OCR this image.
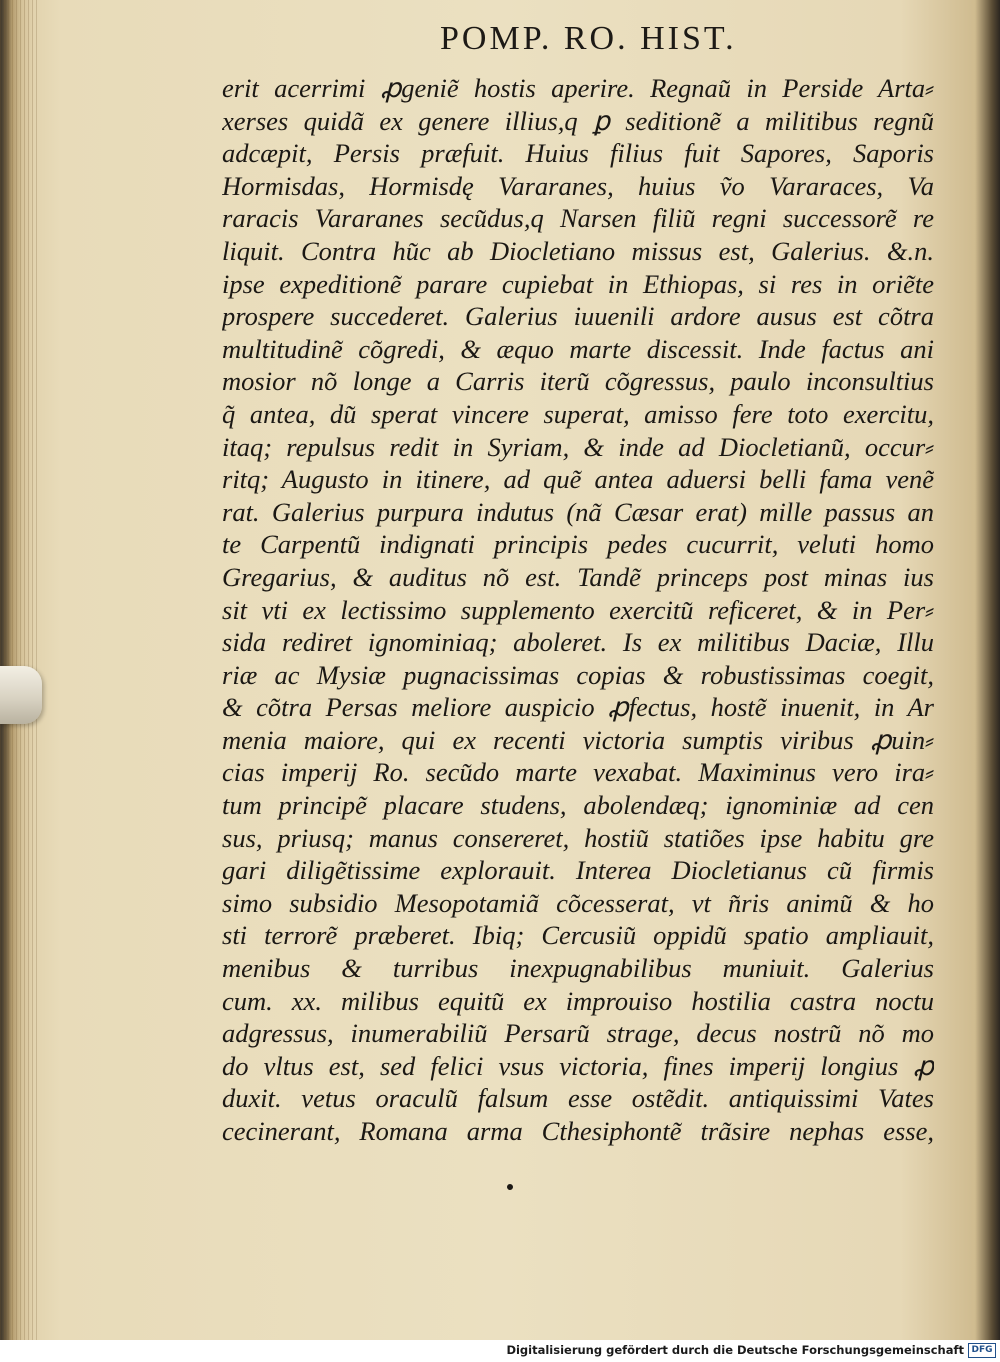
POMP. RO. HIST.
erit acerrimi ꝓgenie͂ hostis aperire. Regnau͂ in Perside Arta⸗
xerses quida͂ ex genere illius,q ꝑ seditione͂ a militibus regnu͂
adcæpit, Persis præfuit. Huius filius fuit Sapores, Saporis
Hormisdas, Hormisdę Vararanes, huius ṽo Vararaces, Va
raracis Vararanes secu͂dus,q Narsen filiu͂ regni successore͂ re
liquit. Contra hu͂c ab Diocletiano missus est, Galerius. &.n.
ipse expeditione͂ parare cupiebat in Ethiopas, si res in orie͂te
prospere succederet. Galerius iuuenili ardore ausus est co͂tra
multitudine͂ co͂gredi, & æquo marte discessit. Inde factus ani
mosior no͂ longe a Carris iteru͂ co͂gressus, paulo inconsultius
q͂ antea, du͂ sperat vincere superat, amisso fere toto exercitu,
itaq; repulsus redit in Syriam, & inde ad Diocletianu͂, occur⸗
ritq; Augusto in itinere, ad que͂ antea aduersi belli fama vene͂
rat. Galerius purpura indutus (na͂ Cæsar erat) mille passus an
te Carpentu͂ indignati principis pedes cucurrit, veluti homo
Gregarius, & auditus no͂ est. Tande͂ princeps post minas ius
sit vti ex lectissimo supplemento exercitu͂ reficeret, & in Per⸗
sida rediret ignominiaq; aboleret. Is ex militibus Daciæ, Illu
riæ ac Mysiæ pugnacissimas copias & robustissimas coegit,
& co͂tra Persas meliore auspicio ꝓfectus, hoste͂ inuenit, in Ar
menia maiore, qui ex recenti victoria sumptis viribus ꝓuin⸗
cias imperij Ro. secu͂do marte vexabat. Maximinus vero ira⸗
tum principe͂ placare studens, abolendæq; ignominiæ ad cen
sus, priusq; manus consereret, hostiu͂ statio͂es ipse habitu gre
gari dilige͂tissime explorauit. Interea Diocletianus cu͂ firmis
simo subsidio Mesopotamia͂ co͂cesserat, vt n͂ris animu͂ & ho
sti terrore͂ præberet. Ibiq; Cercusiu͂ oppidu͂ spatio ampliauit,
menibus & turribus inexpugnabilibus muniuit. Galerius
cum. xx. milibus equitu͂ ex improuiso hostilia castra noctu
adgressus, inumerabiliu͂ Persaru͂ strage, decus nostru͂ no͂ mo
do vltus est, sed felici vsus victoria, fines imperij longius ꝓ
duxit. vetus oraculu͂ falsum esse oste͂dit. antiquissimi Vates
cecinerant, Romana arma Cthesiphonte͂ tra͂sire nephas esse,
Digitalisierung gefördert durch die Deutsche Forschungsgemeinschaft DFG
